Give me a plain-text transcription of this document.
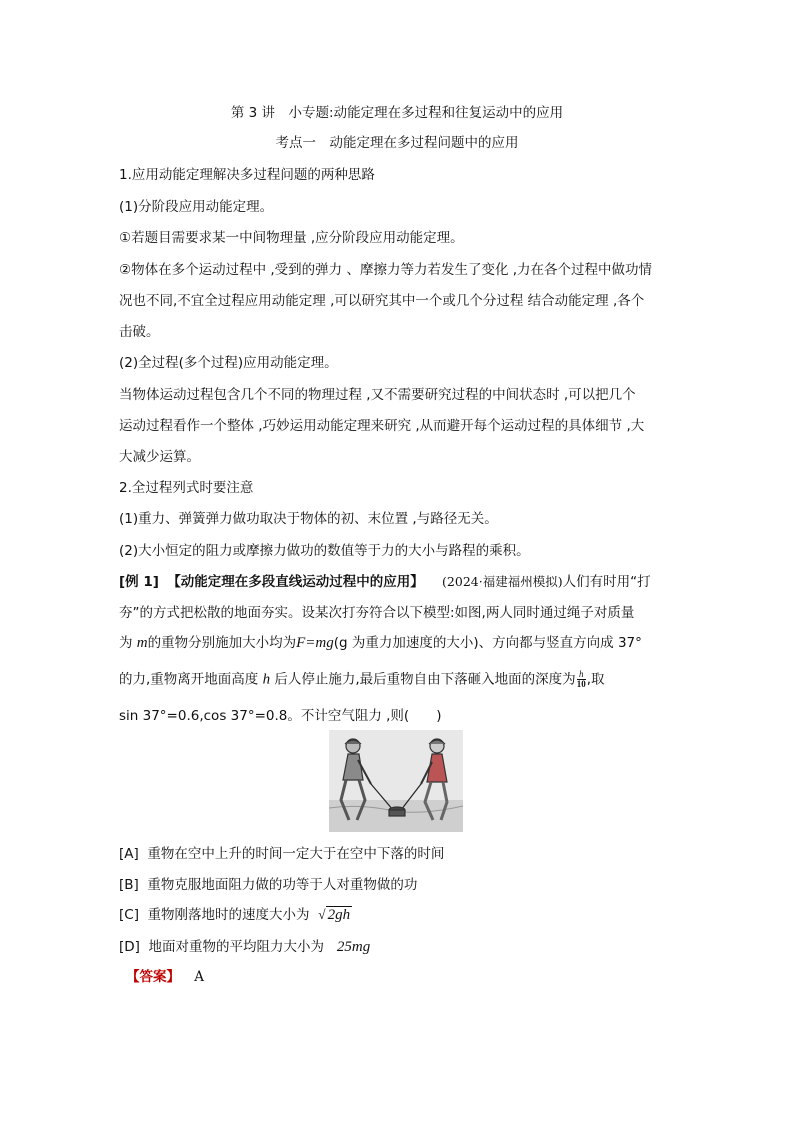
第 3 讲　小专题:动能定理在多过程和往复运动中的应用
考点一　动能定理在多过程问题中的应用
1.应用动能定理解决多过程问题的两种思路
(1)分阶段应用动能定理。
①若题目需要求某一中间物理量 ,应分阶段应用动能定理。
②物体在多个运动过程中 ,受到的弹力 、摩擦力等力若发生了变化 ,力在各个过程中做功情
况也不同,不宜全过程应用动能定理 ,可以研究其中一个或几个分过程 结合动能定理 ,各个
击破。
(2)全过程(多个过程)应用动能定理。
当物体运动过程包含几个不同的物理过程 ,又不需要研究过程的中间状态时 ,可以把几个
运动过程看作一个整体 ,巧妙运用动能定理来研究 ,从而避开每个运动过程的具体细节 ,大
大减少运算。
2.全过程列式时要注意
(1)重力、弹簧弹力做功取决于物体的初、末位置 ,与路径无关。
(2)大小恒定的阻力或摩擦力做功的数值等于力的大小与路程的乘积。
[例 1] 【动能定理在多段直线运动过程中的应用】 (2024·福建福州模拟)人们有时用“打
夯”的方式把松散的地面夯实。设某次打夯符合以下模型:如图,两人同时通过绳子对质量
为 m的重物分别施加大小均为F=mg(g 为重力加速度的大小)、方向都与竖直方向成 37°
的力,重物离开地面高度 h 后人停止施力,最后重物自由下落砸入地面的深度为 $\frac{h}{10}$ ,取
sin 37°=0.6,cos 37°=0.8。不计空气阻力 ,则(　　)
[A] 重物在空中上升的时间一定大于在空中下落的时间
[B] 重物克服地面阻力做的功等于人对重物做的功
[C] 重物刚落地时的速度大小为 √ 2gh
[D] 地面对重物的平均阻力大小为 25mg
【答案】 A
